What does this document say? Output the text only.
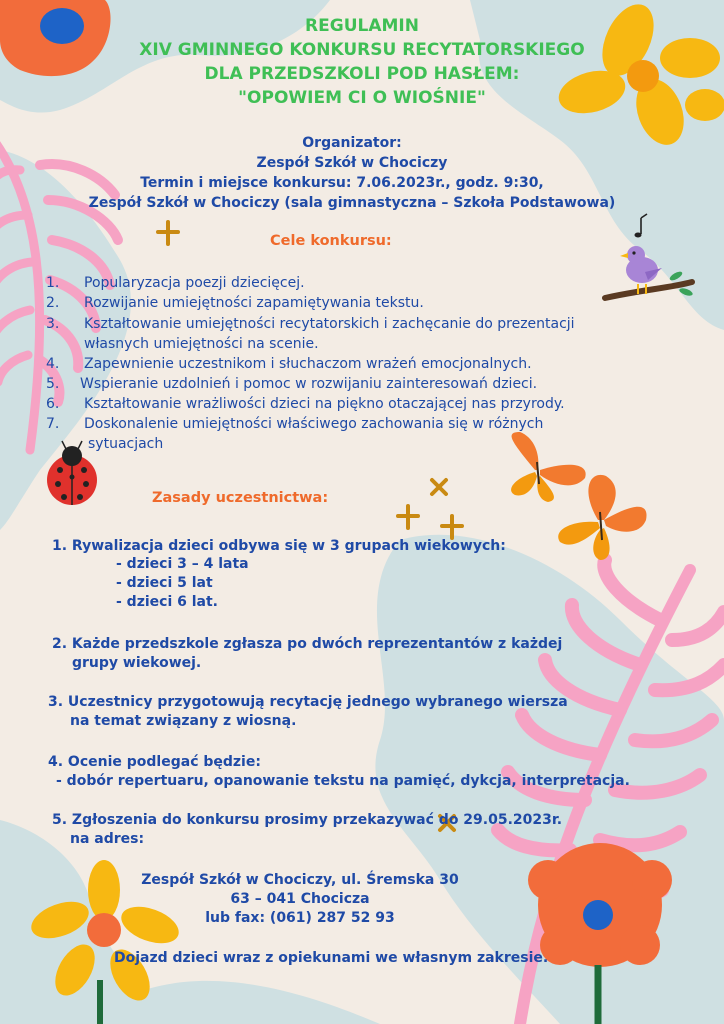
REGULAMIN
XIV GMINNEGO KONKURSU RECYTATORSKIEGO
DLA PRZEDSZKOLI POD HASŁEM:
"OPOWIEM CI O WIOŚNIE"
Organizator:
Zespół Szkół w Chociczy
Termin i miejsce konkursu: 7.06.2023r., godz. 9:30,
Zespół Szkół w Chociczy (sala gimnastyczna – Szkoła Podstawowa)
Cele konkursu:
1. Popularyzacja poezji dziecięcej.
2. Rozwijanie umiejętności zapamiętywania tekstu.
3. Kształtowanie umiejętności recytatorskich i zachęcanie do prezentacji
własnych umiejętności na scenie.
4. Zapewnienie uczestnikom i słuchaczom wrażeń emocjonalnych.
5. Wspieranie uzdolnień i pomoc w rozwijaniu zainteresowań dzieci.
6. Kształtowanie wrażliwości dzieci na piękno otaczającej nas przyrody.
7. Doskonalenie umiejętności właściwego zachowania się w różnych
sytuacjach
Zasady uczestnictwa:
1. Rywalizacja dzieci odbywa się w 3 grupach wiekowych:
- dzieci 3 – 4 lata
- dzieci 5 lat
- dzieci 6 lat.
2. Każde przedszkole zgłasza po dwóch reprezentantów z każdej
grupy wiekowej.
3. Uczestnicy przygotowują recytację jednego wybranego wiersza
na temat związany z wiosną.
4. Ocenie podlegać będzie:
- dobór repertuaru, opanowanie tekstu na pamięć, dykcja, interpretacja.
5. Zgłoszenia do konkursu prosimy przekazywać do 29.05.2023r.
na adres:
Zespół Szkół w Chociczy, ul. Śremska 30
63 – 041 Chocicza
lub fax: (061) 287 52 93
Dojazd dzieci wraz z opiekunami we własnym zakresie.
